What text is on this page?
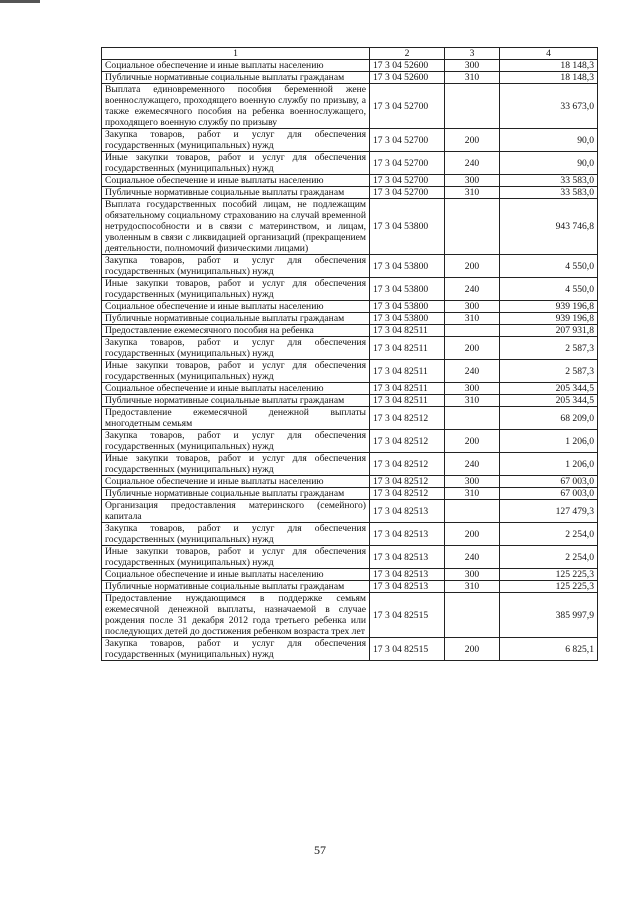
1	2	3	4
Социальное обеспечение и иные выплаты населению	17 3 04 52600	300	18 148,3
Публичные нормативные социальные выплаты гражданам	17 3 04 52600	310	18 148,3
Выплата единовременного пособия беременной жене военнослужащего, проходящего военную службу по призыву, а также ежемесячного пособия на ребенка военнослужащего, проходящего военную службу по призыву	17 3 04 52700		33 673,0
Закупка товаров, работ и услуг для обеспечения государственных (муниципальных) нужд	17 3 04 52700	200	90,0
Иные закупки товаров, работ и услуг для обеспечения государственных (муниципальных) нужд	17 3 04 52700	240	90,0
Социальное обеспечение и иные выплаты населению	17 3 04 52700	300	33 583,0
Публичные нормативные социальные выплаты гражданам	17 3 04 52700	310	33 583,0
Выплата государственных пособий лицам, не подлежащим обязательному социальному страхованию на случай временной нетрудоспособности и в связи с материнством, и лицам, уволенным в связи с ликвидацией организаций (прекращением деятельности, полномочий физическими лицами)	17 3 04 53800		943 746,8
Закупка товаров, работ и услуг для обеспечения государственных (муниципальных) нужд	17 3 04 53800	200	4 550,0
Иные закупки товаров, работ и услуг для обеспечения государственных (муниципальных) нужд	17 3 04 53800	240	4 550,0
Социальное обеспечение и иные выплаты населению	17 3 04 53800	300	939 196,8
Публичные нормативные социальные выплаты гражданам	17 3 04 53800	310	939 196,8
Предоставление ежемесячного пособия на ребенка	17 3 04 82511		207 931,8
Закупка товаров, работ и услуг для обеспечения государственных (муниципальных) нужд	17 3 04 82511	200	2 587,3
Иные закупки товаров, работ и услуг для обеспечения государственных (муниципальных) нужд	17 3 04 82511	240	2 587,3
Социальное обеспечение и иные выплаты населению	17 3 04 82511	300	205 344,5
Публичные нормативные социальные выплаты гражданам	17 3 04 82511	310	205 344,5
Предоставление ежемесячной денежной выплаты многодетным семьям	17 3 04 82512		68 209,0
Закупка товаров, работ и услуг для обеспечения государственных (муниципальных) нужд	17 3 04 82512	200	1 206,0
Иные закупки товаров, работ и услуг для обеспечения государственных (муниципальных) нужд	17 3 04 82512	240	1 206,0
Социальное обеспечение и иные выплаты населению	17 3 04 82512	300	67 003,0
Публичные нормативные социальные выплаты гражданам	17 3 04 82512	310	67 003,0
Организация предоставления материнского (семейного) капитала	17 3 04 82513		127 479,3
Закупка товаров, работ и услуг для обеспечения государственных (муниципальных) нужд	17 3 04 82513	200	2 254,0
Иные закупки товаров, работ и услуг для обеспечения государственных (муниципальных) нужд	17 3 04 82513	240	2 254,0
Социальное обеспечение и иные выплаты населению	17 3 04 82513	300	125 225,3
Публичные нормативные социальные выплаты гражданам	17 3 04 82513	310	125 225,3
Предоставление нуждающимся в поддержке семьям ежемесячной денежной выплаты, назначаемой в случае рождения после 31 декабря 2012 года третьего ребенка или последующих детей до достижения ребенком возраста трех лет	17 3 04 82515		385 997,9
Закупка товаров, работ и услуг для обеспечения государственных (муниципальных) нужд	17 3 04 82515	200	6 825,1
57
